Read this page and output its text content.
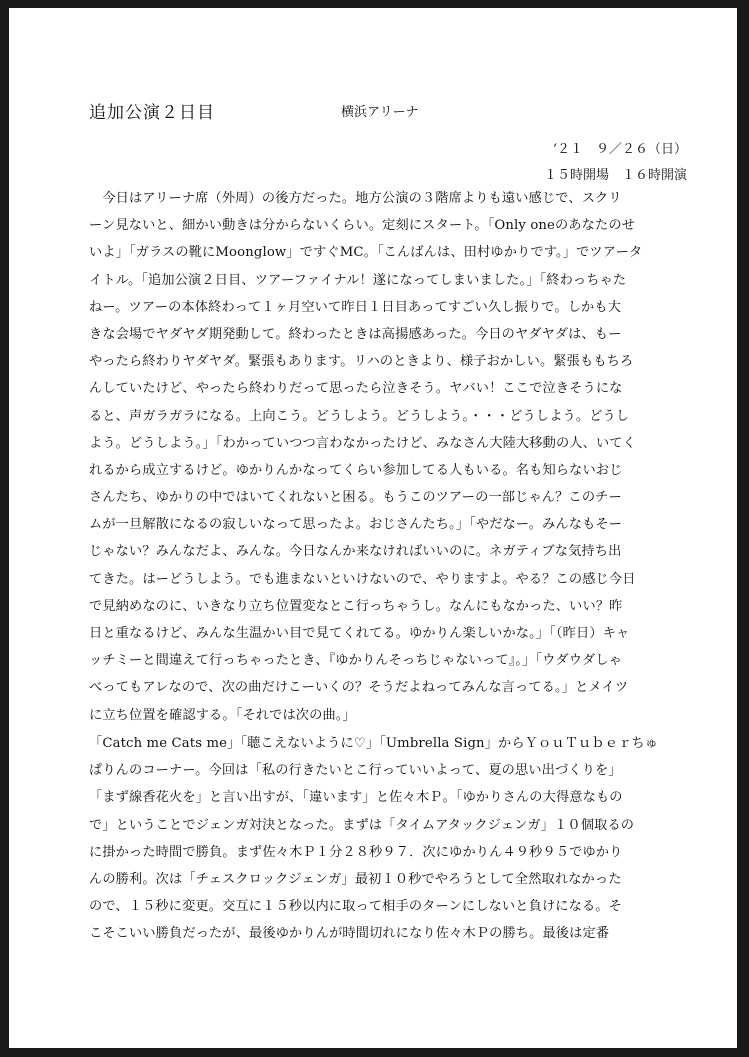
追加公演２日目	横浜アリーナ
‘２１　９／２６（日）
１５時開場　１６時開演
　今日はアリーナ席（外周）の後方だった。地方公演の３階席よりも遠い感じで、スクリ
ーン見ないと、細かい動きは分からないくらい。定刻にスタート。「Only oneのあなたのせ
いよ」「ガラスの靴にMoonglow」ですぐMC。「こんばんは、田村ゆかりです。」でツアータ
イトル。「追加公演２日目、ツアーファイナル！遂になってしまいました。」「終わっちゃた
ねー。ツアーの本体終わって１ヶ月空いて昨日１日目あってすごい久し振りで。しかも大
きな会場でヤダヤダ期発動して。終わったときは高揚感あった。今日のヤダヤダは、もー
やったら終わりヤダヤダ。緊張もあります。リハのときより、様子おかしい。緊張ももちろ
んしていたけど、やったら終わりだって思ったら泣きそう。ヤバい！ここで泣きそうにな
ると、声ガラガラになる。上向こう。どうしよう。どうしよう。・・・どうしよう。どうし
よう。どうしよう。」「わかっていつつ言わなかったけど、みなさん大陸大移動の人、いてく
れるから成立するけど。ゆかりんかなってくらい参加してる人もいる。名も知らないおじ
さんたち、ゆかりの中ではいてくれないと困る。もうこのツアーの一部じゃん？このチー
ムが一旦解散になるの寂しいなって思ったよ。おじさんたち。」「やだなー。みんなもそー
じゃない？みんなだよ、みんな。今日なんか来なければいいのに。ネガティブな気持ち出
てきた。はーどうしよう。でも進まないといけないので、やりますよ。やる？この感じ今日
で見納めなのに、いきなり立ち位置変なとこ行っちゃうし。なんにもなかった、いい？昨
日と重なるけど、みんな生温かい目で見てくれてる。ゆかりん楽しいかな。」「（昨日）キャ
ッチミーと間違えて行っちゃったとき、『ゆかりんそっちじゃないって』。」「ウダウダしゃ
べってもアレなので、次の曲だけこーいくの？そうだよねってみんな言ってる。」とメイツ
に立ち位置を確認する。「それでは次の曲。」
「Catch me Cats me」「聴こえないように♡」「Umbrella Sign」からＹｏｕＴｕｂｅｒちゅ
ぱりんのコーナー。今回は「私の行きたいとこ行っていいよって、夏の思い出づくりを」
「まず線香花火を」と言い出すが、「違います」と佐々木Ｐ。「ゆかりさんの大得意なもの
で」ということでジェンガ対決となった。まずは「タイムアタックジェンガ」１０個取るの
に掛かった時間で勝負。まず佐々木Ｐ１分２８秒９７．次にゆかりん４９秒９５でゆかり
んの勝利。次は「チェスクロックジェンガ」最初１０秒でやろうとして全然取れなかった
ので、１５秒に変更。交互に１５秒以内に取って相手のターンにしないと負けになる。そ
こそこいい勝負だったが、最後ゆかりんが時間切れになり佐々木Ｐの勝ち。最後は定番
